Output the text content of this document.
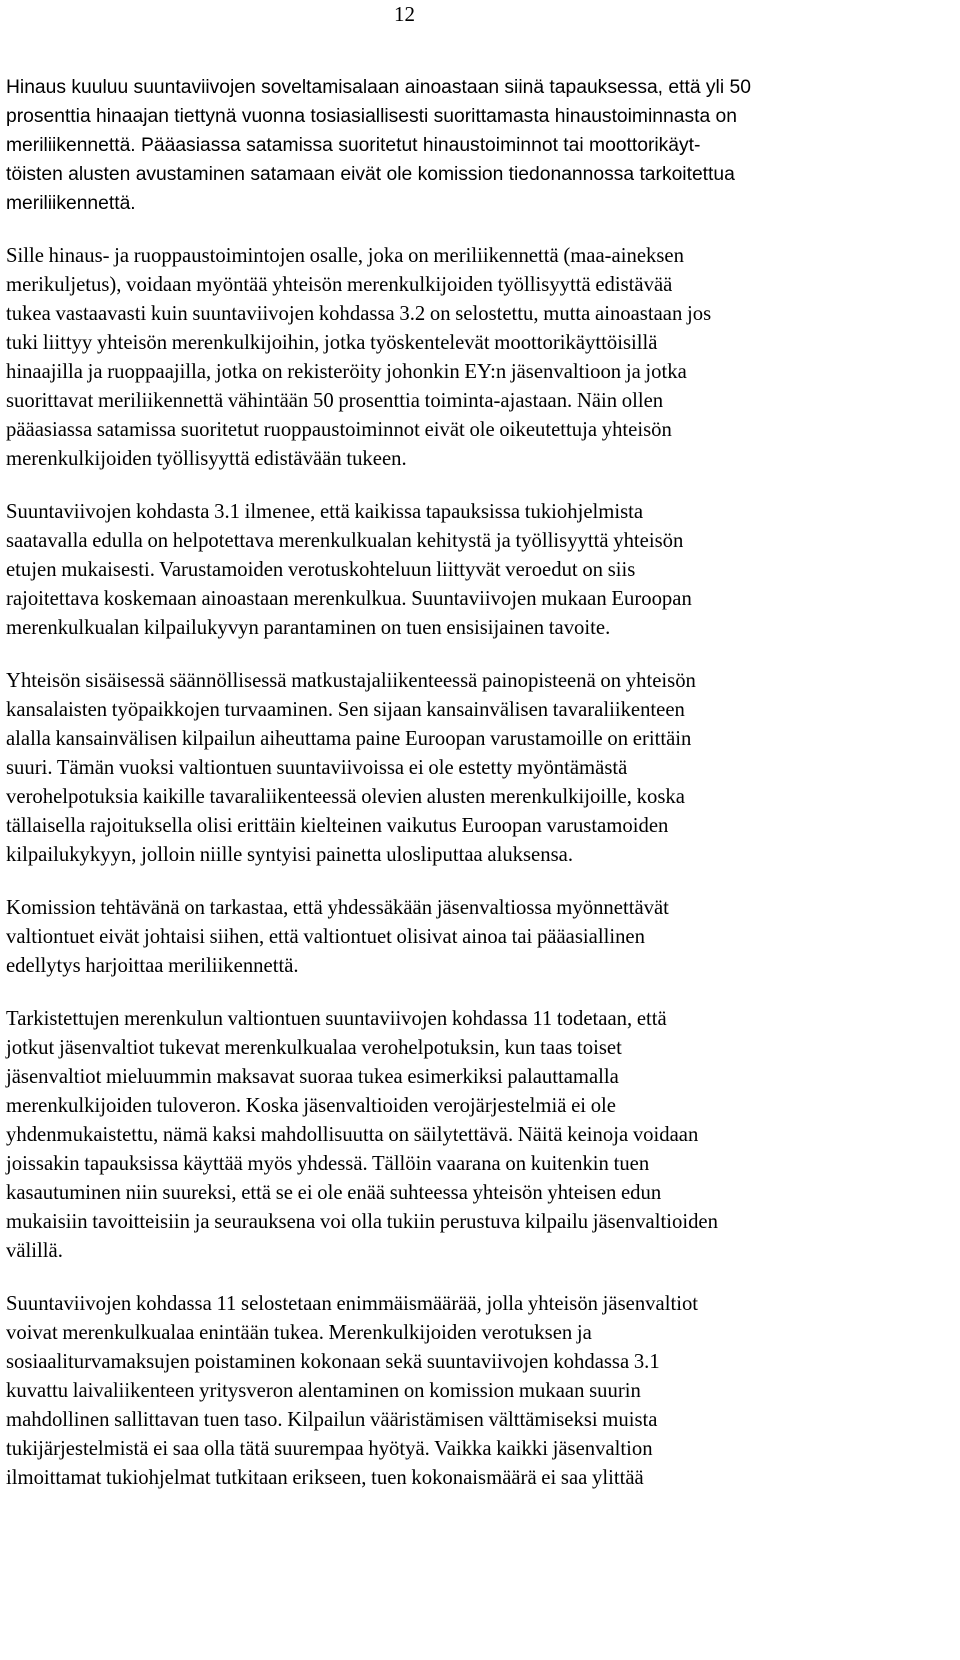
12

Hinaus kuuluu suuntaviivojen soveltamisalaan ainoastaan siinä tapauksessa, että yli 50
prosenttia hinaajan tiettynä vuonna tosiasiallisesti suorittamasta hinaustoiminnasta on
meriliikennettä. Pääasiassa satamissa suoritetut hinaustoiminnot tai moottorikäyt-
töisten alusten avustaminen satamaan eivät ole komission tiedonannossa tarkoitettua
meriliikennettä.

Sille hinaus- ja ruoppaustoimintojen osalle, joka on meriliikennettä (maa-aineksen
merikuljetus), voidaan myöntää yhteisön merenkulkijoiden työllisyyttä edistävää
tukea vastaavasti kuin suuntaviivojen kohdassa 3.2 on selostettu, mutta ainoastaan jos
tuki liittyy yhteisön merenkulkijoihin, jotka työskentelevät moottorikäyttöisillä
hinaajilla ja ruoppaajilla, jotka on rekisteröity johonkin EY:n jäsenvaltioon ja jotka
suorittavat meriliikennettä vähintään 50 prosenttia toiminta-ajastaan. Näin ollen
pääasiassa satamissa suoritetut ruoppaustoiminnot eivät ole oikeutettuja yhteisön
merenkulkijoiden työllisyyttä edistävään tukeen.

Suuntaviivojen kohdasta 3.1 ilmenee, että kaikissa tapauksissa tukiohjelmista
saatavalla edulla on helpotettava merenkulkualan kehitystä ja työllisyyttä yhteisön
etujen mukaisesti. Varustamoiden verotuskohteluun liittyvät veroedut on siis
rajoitettava koskemaan ainoastaan merenkulkua. Suuntaviivojen mukaan Euroopan
merenkulkualan kilpailukyvyn parantaminen on tuen ensisijainen tavoite.

Yhteisön sisäisessä säännöllisessä matkustajaliikenteessä painopisteenä on yhteisön
kansalaisten työpaikkojen turvaaminen. Sen sijaan kansainvälisen tavaraliikenteen
alalla kansainvälisen kilpailun aiheuttama paine Euroopan varustamoille on erittäin
suuri. Tämän vuoksi valtiontuen suuntaviivoissa ei ole estetty myöntämästä
verohelpotuksia kaikille tavaraliikenteessä olevien alusten merenkulkijoille, koska
tällaisella rajoituksella olisi erittäin kielteinen vaikutus Euroopan varustamoiden
kilpailukykyyn, jolloin niille syntyisi painetta ulosliputtaa aluksensa.

Komission tehtävänä on tarkastaa, että yhdessäkään jäsenvaltiossa myönnettävät
valtiontuet eivät johtaisi siihen, että valtiontuet olisivat ainoa tai pääasiallinen
edellytys harjoittaa meriliikennettä.

Tarkistettujen merenkulun valtiontuen suuntaviivojen kohdassa 11 todetaan, että
jotkut jäsenvaltiot tukevat merenkulkualaa verohelpotuksin, kun taas toiset
jäsenvaltiot mieluummin maksavat suoraa tukea esimerkiksi palauttamalla
merenkulkijoiden tuloveron. Koska jäsenvaltioiden verojärjestelmiä ei ole
yhdenmukaistettu, nämä kaksi mahdollisuutta on säilytettävä. Näitä keinoja voidaan
joissakin tapauksissa käyttää myös yhdessä. Tällöin vaarana on kuitenkin tuen
kasautuminen niin suureksi, että se ei ole enää suhteessa yhteisön yhteisen edun
mukaisiin tavoitteisiin ja seurauksena voi olla tukiin perustuva kilpailu jäsenvaltioiden
välillä.

Suuntaviivojen kohdassa 11 selostetaan enimmäismäärää, jolla yhteisön jäsenvaltiot
voivat merenkulkualaa enintään tukea. Merenkulkijoiden verotuksen ja
sosiaaliturvamaksujen poistaminen kokonaan sekä suuntaviivojen kohdassa 3.1
kuvattu laivaliikenteen yritysveron alentaminen on komission mukaan suurin
mahdollinen sallittavan tuen taso. Kilpailun vääristämisen välttämiseksi muista
tukijärjestelmistä ei saa olla tätä suurempaa hyötyä. Vaikka kaikki jäsenvaltion
ilmoittamat tukiohjelmat tutkitaan erikseen, tuen kokonaismäärä ei saa ylittää
